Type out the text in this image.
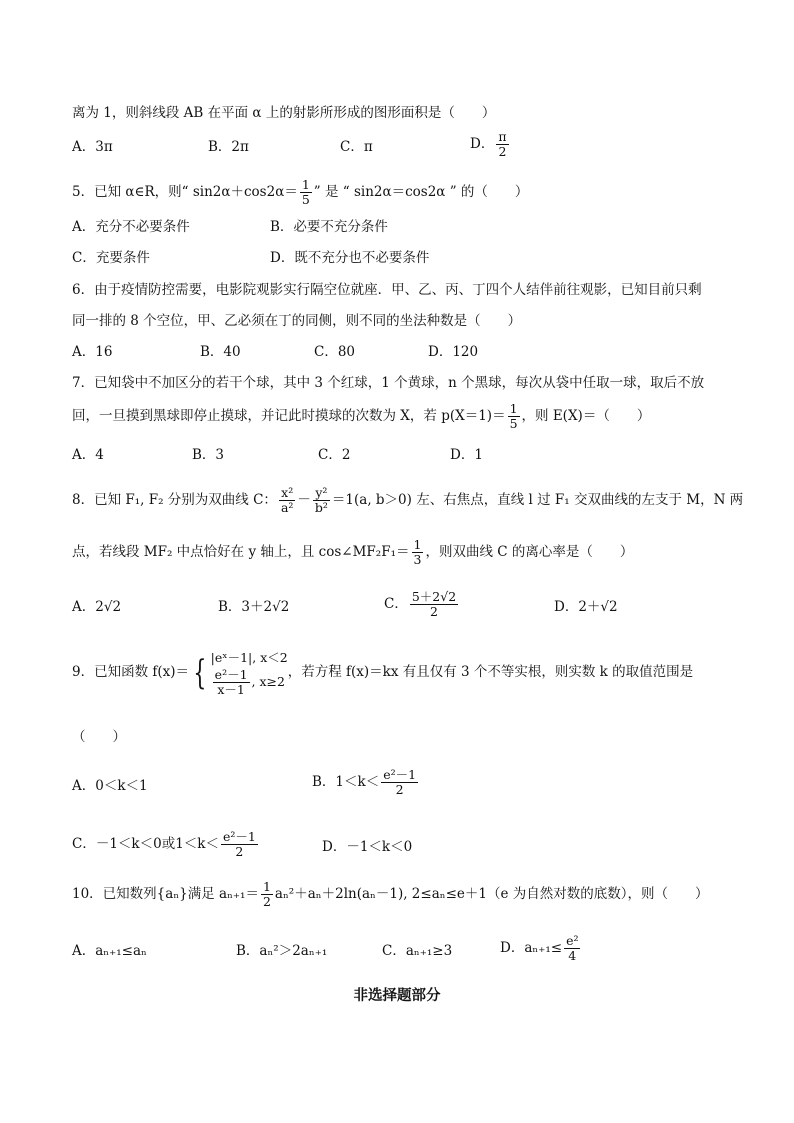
离为 1，则斜线段 AB 在平面 α 上的射影所形成的图形面积是（　　）
A．3π	B．2π	C．π	D． $\frac{\pi}{2}$
5．已知 α∈R，则“ $\sin 2\alpha+\cos 2\alpha= \frac{1}{5}$ ” 是 “ sin2α＝cos2α ” 的（　　）
A．充分不必要条件	B．必要不充分条件
C．充要条件	D．既不充分也不必要条件
6．由于疫情防控需要，电影院观影实行隔空位就座．甲、乙、丙、丁四个人结伴前往观影，已知目前只剩
同一排的 8 个空位，甲、乙必须在丁的同侧，则不同的坐法种数是（　　）
A．16	B．40	C．80	D．120
7．已知袋中不加区分的若干个球，其中 3 个红球，1 个黄球，n 个黑球，每次从袋中任取一球，取后不放
回，一旦摸到黑球即停止摸球，并记此时摸球的次数为 X，若 $p(X=1)= \frac{1}{5}$ ，则 E(X)＝（　　）
A．4	B．3	C．2	D．1
8．已知 F₁, F₂ 分别为双曲线 C： $\frac{\text{x²}}{\text{a²}} - \frac{\text{y²}}{\text{b²}} =1(a$, b＞0) 左、右焦点，直线 l 过 F₁ 交双曲线的左支于 M，N 两
点，若线段 MF₂ 中点恰好在 y 轴上，且 cos∠MF₂F₁＝ $\frac{1}{3}$ ，则双曲线 C 的离心率是（　　）
A．2√2	B．3＋2√2	C． $\frac{5+2√2}{2}$	D．2＋√2
9．已知函数 f(x)＝ { |eˣ－1|, x＜2
$\frac{\text{e²－1}}{x-1}$ , x≥2
，若方程 f(x)＝kx 有且仅有 3 个不等实根，则实数 k 的取值范围是
（　　）
A．0＜k＜1	B．$1<k< \frac{\text{e²－1}}{2}$
C．－1＜k＜0或$1<k< \frac{\text{e²－1}}{2}$	D．－1＜k＜0
10．已知数列{aₙ}满足 $a_{n+1}= \frac{1}{2} a_n^2+a_n+2\ln(a_n-1)$, 2≤aₙ≤e＋1（e 为自然对数的底数），则（　　）
A．aₙ₊₁≤aₙ	B．aₙ²＞2aₙ₊₁	C．aₙ₊₁≥3	D．$a_{n+1}\le \frac{\text{e²}}{4}$
非选择题部分
